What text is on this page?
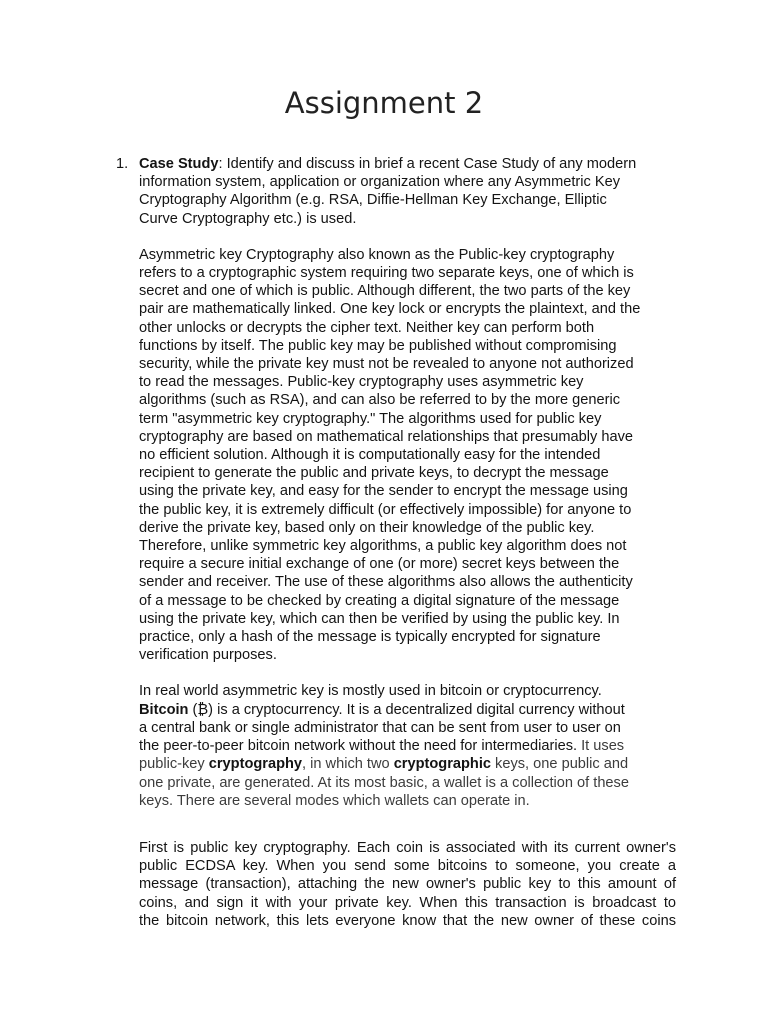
Assignment 2
1. Case Study: Identify and discuss in brief a recent Case Study of any modern
information system, application or organization where any Asymmetric Key
Cryptography Algorithm (e.g. RSA, Diffie-Hellman Key Exchange, Elliptic
Curve Cryptography etc.) is used.

Asymmetric key Cryptography also known as the Public-key cryptography
refers to a cryptographic system requiring two separate keys, one of which is
secret and one of which is public. Although different, the two parts of the key
pair are mathematically linked. One key lock or encrypts the plaintext, and the
other unlocks or decrypts the cipher text. Neither key can perform both
functions by itself. The public key may be published without compromising
security, while the private key must not be revealed to anyone not authorized
to read the messages. Public-key cryptography uses asymmetric key
algorithms (such as RSA), and can also be referred to by the more generic
term "asymmetric key cryptography." The algorithms used for public key
cryptography are based on mathematical relationships that presumably have
no efficient solution. Although it is computationally easy for the intended
recipient to generate the public and private keys, to decrypt the message
using the private key, and easy for the sender to encrypt the message using
the public key, it is extremely difficult (or effectively impossible) for anyone to
derive the private key, based only on their knowledge of the public key.
Therefore, unlike symmetric key algorithms, a public key algorithm does not
require a secure initial exchange of one (or more) secret keys between the
sender and receiver. The use of these algorithms also allows the authenticity
of a message to be checked by creating a digital signature of the message
using the private key, which can then be verified by using the public key. In
practice, only a hash of the message is typically encrypted for signature
verification purposes.

In real world asymmetric key is mostly used in bitcoin or cryptocurrency.
Bitcoin (₿) is a cryptocurrency. It is a decentralized digital currency without
a central bank or single administrator that can be sent from user to user on
the peer-to-peer bitcoin network without the need for intermediaries. It uses
public-key cryptography, in which two cryptographic keys, one public and
one private, are generated. At its most basic, a wallet is a collection of these
keys. There are several modes which wallets can operate in.

First is public key cryptography. Each coin is associated with its current owner's
public ECDSA key. When you send some bitcoins to someone, you create a
message (transaction), attaching the new owner's public key to this amount of
coins, and sign it with your private key. When this transaction is broadcast to
the bitcoin network, this lets everyone know that the new owner of these coins
